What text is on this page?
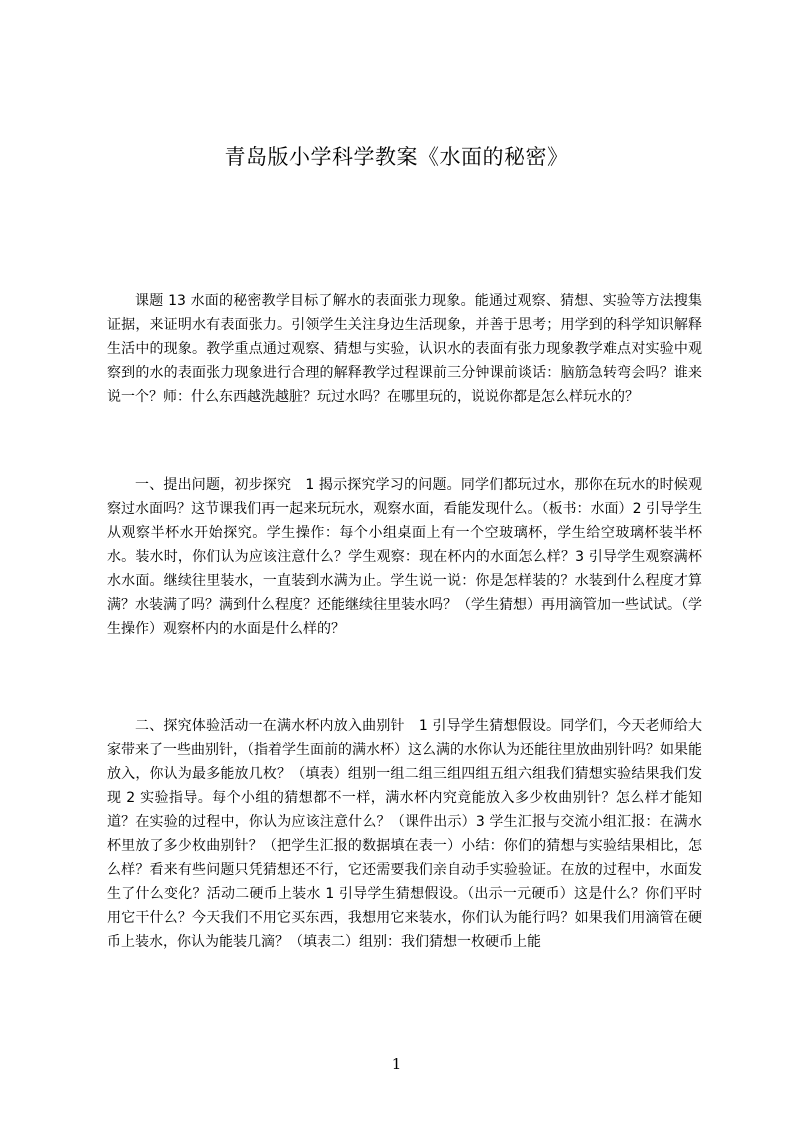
青岛版小学科学教案《水面的秘密》

课题 13 水面的秘密教学目标了解水的表面张力现象。能通过观察、猜想、实验等方法搜集证据，来证明水有表面张力。引领学生关注身边生活现象，并善于思考；用学到的科学知识解释生活中的现象。教学重点通过观察、猜想与实验，认识水的表面有张力现象教学难点对实验中观察到的水的表面张力现象进行合理的解释教学过程课前三分钟课前谈话：脑筋急转弯会吗？谁来说一个？师：什么东西越洗越脏？玩过水吗？在哪里玩的，说说你都是怎么样玩水的？

一、提出问题，初步探究　1 揭示探究学习的问题。同学们都玩过水，那你在玩水的时候观察过水面吗？这节课我们再一起来玩玩水，观察水面，看能发现什么。（板书：水面）2 引导学生从观察半杯水开始探究。学生操作：每个小组桌面上有一个空玻璃杯，学生给空玻璃杯装半杯水。装水时，你们认为应该注意什么？学生观察：现在杯内的水面怎么样？3 引导学生观察满杯水水面。继续往里装水，一直装到水满为止。学生说一说：你是怎样装的？水装到什么程度才算满？水装满了吗？满到什么程度？还能继续往里装水吗？（学生猜想）再用滴管加一些试试。（学生操作）观察杯内的水面是什么样的？

二、探究体验活动一在满水杯内放入曲别针　1 引导学生猜想假设。同学们，今天老师给大家带来了一些曲别针，（指着学生面前的满水杯）这么满的水你认为还能往里放曲别针吗？如果能放入，你认为最多能放几枚？（填表）组别一组二组三组四组五组六组我们猜想实验结果我们发现 2 实验指导。每个小组的猜想都不一样，满水杯内究竟能放入多少枚曲别针？怎么样才能知道？在实验的过程中，你认为应该注意什么？（课件出示）3 学生汇报与交流小组汇报：在满水杯里放了多少枚曲别针？（把学生汇报的数据填在表一）小结：你们的猜想与实验结果相比，怎么样？看来有些问题只凭猜想还不行，它还需要我们亲自动手实验验证。在放的过程中，水面发生了什么变化？活动二硬币上装水 1 引导学生猜想假设。（出示一元硬币）这是什么？你们平时用它干什么？今天我们不用它买东西，我想用它来装水，你们认为能行吗？如果我们用滴管在硬币上装水，你认为能装几滴？（填表二）组别：我们猜想一枚硬币上能

1
